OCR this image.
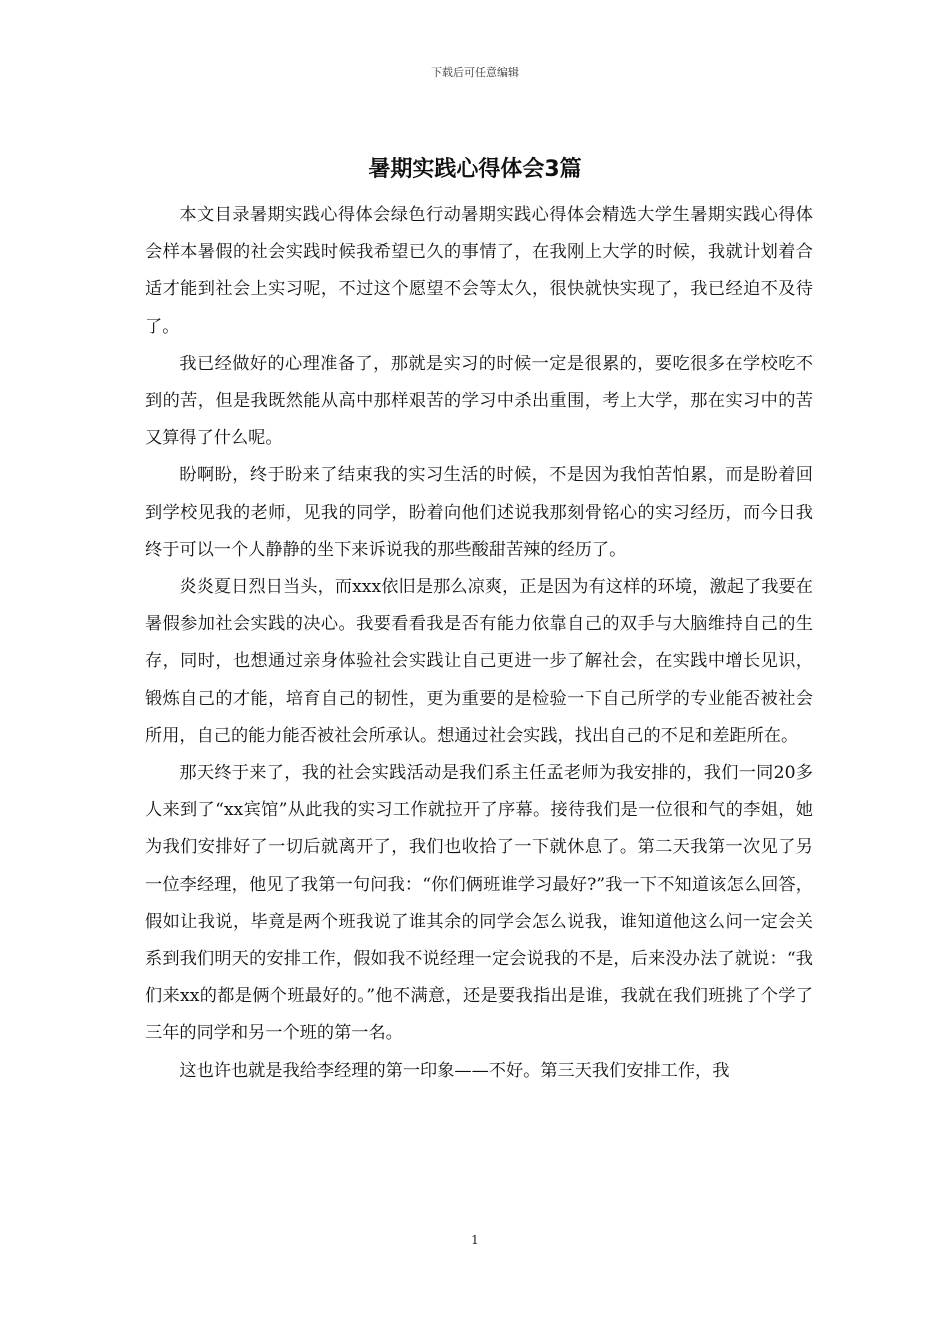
下载后可任意编辑
暑期实践心得体会3篇

本文目录暑期实践心得体会绿色行动暑期实践心得体会精选大学生暑期实践心得体会样本暑假的社会实践时候我希望已久的事情了，在我刚上大学的时候，我就计划着合适才能到社会上实习呢，不过这个愿望不会等太久，很快就快实现了，我已经迫不及待了。

我已经做好的心理准备了，那就是实习的时候一定是很累的，要吃很多在学校吃不到的苦，但是我既然能从高中那样艰苦的学习中杀出重围，考上大学，那在实习中的苦又算得了什么呢。

盼啊盼，终于盼来了结束我的实习生活的时候，不是因为我怕苦怕累，而是盼着回到学校见我的老师，见我的同学，盼着向他们述说我那刻骨铭心的实习经历，而今日我终于可以一个人静静的坐下来诉说我的那些酸甜苦辣的经历了。

炎炎夏日烈日当头，而xxx依旧是那么凉爽，正是因为有这样的环境，激起了我要在暑假参加社会实践的决心。我要看看我是否有能力依靠自己的双手与大脑维持自己的生存，同时，也想通过亲身体验社会实践让自己更进一步了解社会，在实践中增长见识，锻炼自己的才能，培育自己的韧性，更为重要的是检验一下自己所学的专业能否被社会所用，自己的能力能否被社会所承认。想通过社会实践，找出自己的不足和差距所在。

那天终于来了，我的社会实践活动是我们系主任孟老师为我安排的，我们一同20多人来到了“xx宾馆”从此我的实习工作就拉开了序幕。接待我们是一位很和气的李姐，她为我们安排好了一切后就离开了，我们也收拾了一下就休息了。第二天我第一次见了另一位李经理，他见了我第一句问我：“你们俩班谁学习最好?”我一下不知道该怎么回答，假如让我说，毕竟是两个班我说了谁其余的同学会怎么说我，谁知道他这么问一定会关系到我们明天的安排工作，假如我不说经理一定会说我的不是，后来没办法了就说：“我们来xx的都是俩个班最好的。”他不满意，还是要我指出是谁，我就在我们班挑了个学了三年的同学和另一个班的第一名。

这也许也就是我给李经理的第一印象——不好。第三天我们安排工作，我

1
